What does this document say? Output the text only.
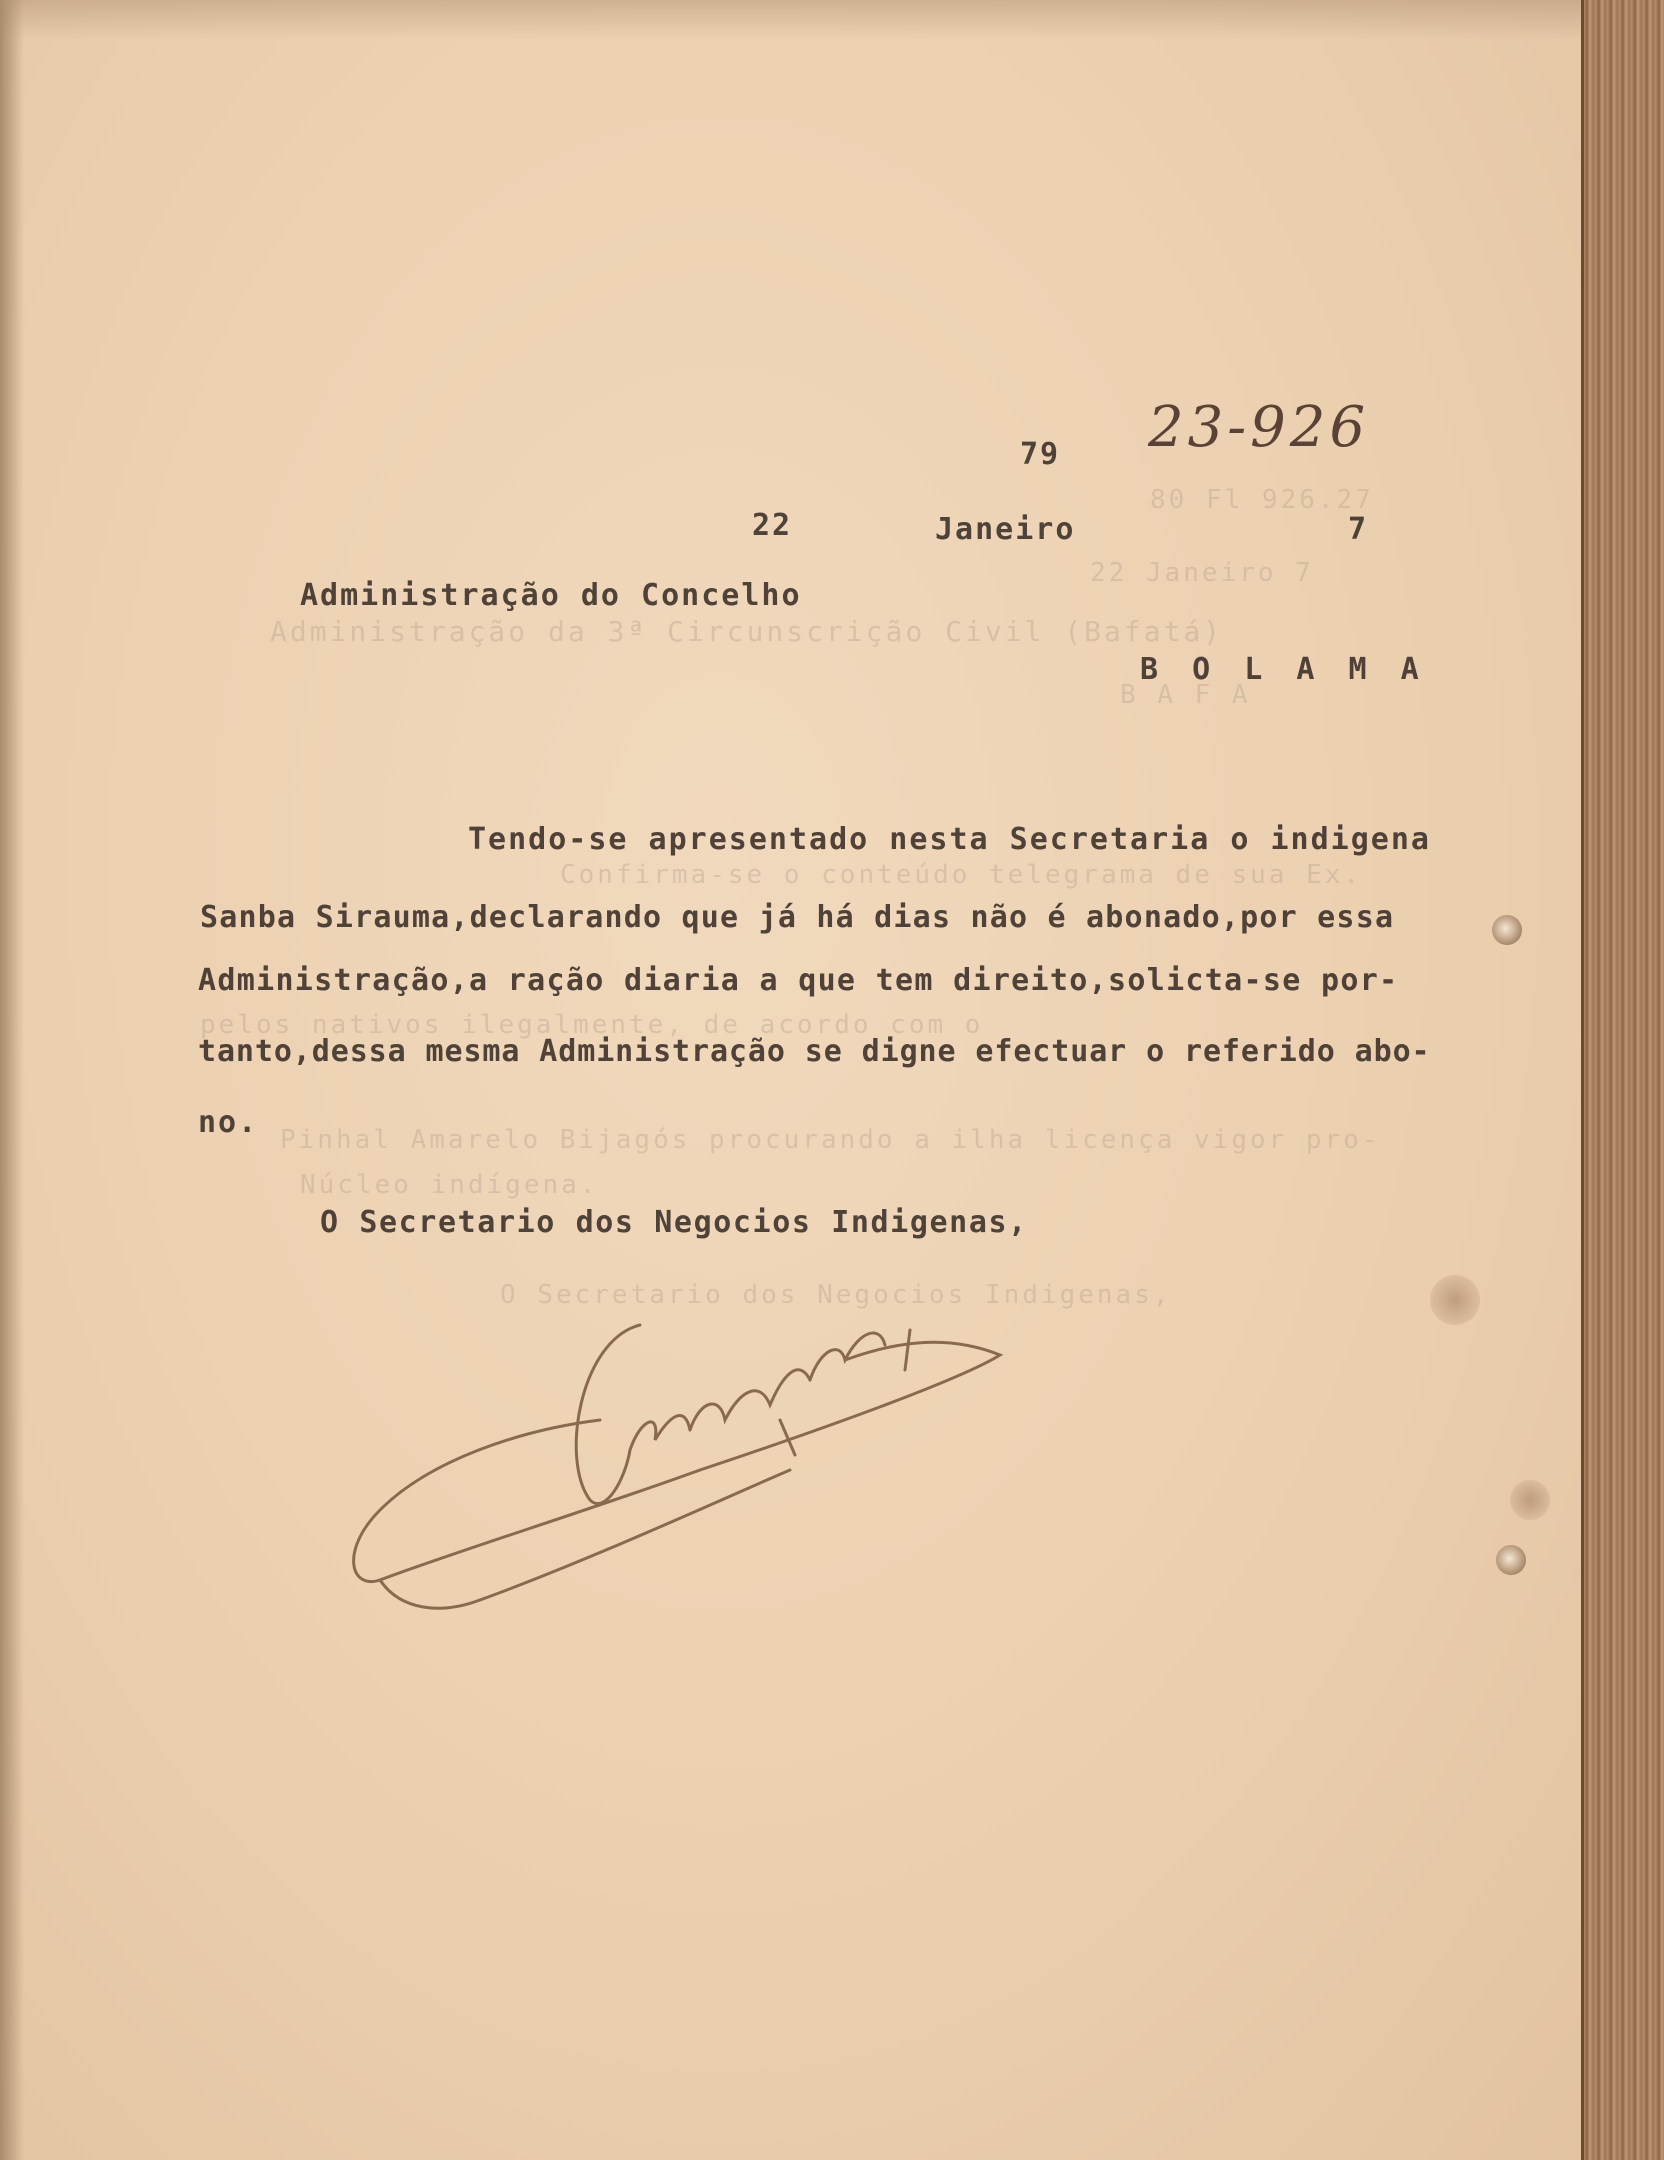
80 Fl 926.27
22 Janeiro 7
Administração da 3ª Circunscrição Civil (Bafatá)
B A F A
Confirma-se o conteúdo telegrama de sua Ex.
pelos nativos ilegalmente, de acordo com o
Pinhal Amarelo Bijagós procurando a ilha licença vigor pro-
Núcleo indígena.
O Secretario dos Negocios Indigenas,
23-926
79
22	Janeiro	7
Administração do Concelho
B O L A M A
Tendo-se apresentado nesta Secretaria o indigena
Sanba Sirauma,declarando que já há dias não é abonado,por essa
Administração,a ração diaria a que tem direito,solicta-se por-
tanto,dessa mesma Administração se digne efectuar o referido abo-
no.
O Secretario dos Negocios Indigenas,
